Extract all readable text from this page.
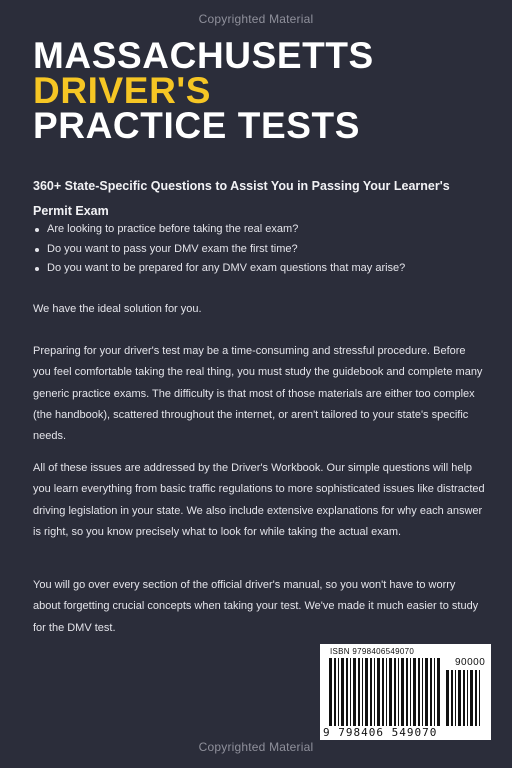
Copyrighted Material
MASSACHUSETTS
DRIVER'S
PRACTICE TESTS
360+ State-Specific Questions to Assist You in Passing Your Learner's Permit Exam
Are looking to practice before taking the real exam?
Do you want to pass your DMV exam the first time?
Do you want to be prepared for any DMV exam questions that may arise?

We have the ideal solution for you.

Preparing for your driver's test may be a time-consuming and stressful procedure. Before you feel comfortable taking the real thing, you must study the guidebook and complete many generic practice exams. The difficulty is that most of those materials are either too complex (the handbook), scattered throughout the internet, or aren't tailored to your state's specific needs.

All of these issues are addressed by the Driver's Workbook. Our simple questions will help you learn everything from basic traffic regulations to more sophisticated issues like distracted driving legislation in your state. We also include extensive explanations for why each answer is right, so you know precisely what to look for while taking the actual exam.

You will go over every section of the official driver's manual, so you won't have to worry about forgetting crucial concepts when taking your test. We've made it much easier to study for the DMV test.

ISBN 9798406549070
90000
9 798406 549070
Copyrighted Material
